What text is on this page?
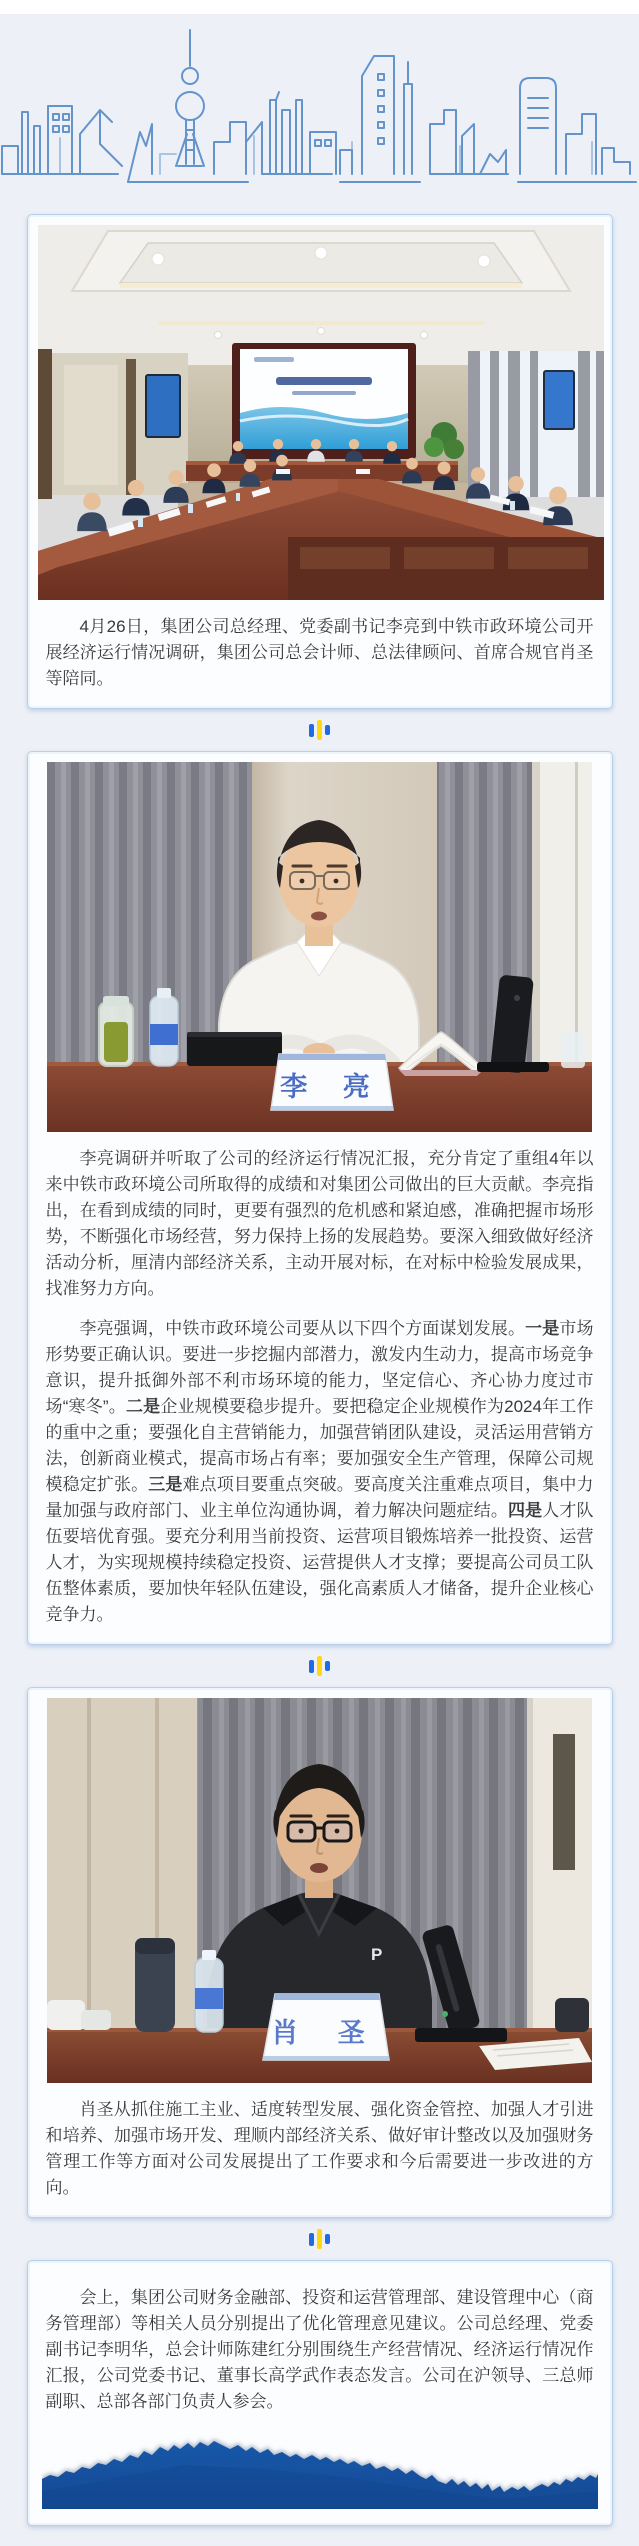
4月26日，集团公司总经理、党委副书记李亮到中铁市政环境公司开展经济运行情况调研，集团公司总会计师、总法律顾问、首席合规官肖圣等陪同。

李 亮

李亮调研并听取了公司的经济运行情况汇报，充分肯定了重组4年以来中铁市政环境公司所取得的成绩和对集团公司做出的巨大贡献。李亮指出，在看到成绩的同时，更要有强烈的危机感和紧迫感，准确把握市场形势，不断强化市场经营，努力保持上扬的发展趋势。要深入细致做好经济活动分析，厘清内部经济关系，主动开展对标，在对标中检验发展成果，找准努力方向。

李亮强调，中铁市政环境公司要从以下四个方面谋划发展。一是市场形势要正确认识。要进一步挖掘内部潜力，激发内生动力，提高市场竞争意识，提升抵御外部不利市场环境的能力，坚定信心、齐心协力度过市场“寒冬”。二是企业规模要稳步提升。要把稳定企业规模作为2024年工作的重中之重；要强化自主营销能力，加强营销团队建设，灵活运用营销方法，创新商业模式，提高市场占有率；要加强安全生产管理，保障公司规模稳定扩张。三是难点项目要重点突破。要高度关注重难点项目，集中力量加强与政府部门、业主单位沟通协调，着力解决问题症结。四是人才队伍要培优育强。要充分利用当前投资、运营项目锻炼培养一批投资、运营人才，为实现规模持续稳定投资、运营提供人才支撑；要提高公司员工队伍整体素质，要加快年轻队伍建设，强化高素质人才储备，提升企业核心竞争力。

P
肖 圣

肖圣从抓住施工主业、适度转型发展、强化资金管控、加强人才引进和培养、加强市场开发、理顺内部经济关系、做好审计整改以及加强财务管理工作等方面对公司发展提出了工作要求和今后需要进一步改进的方向。

会上，集团公司财务金融部、投资和运营管理部、建设管理中心（商务管理部）等相关人员分别提出了优化管理意见建议。公司总经理、党委副书记李明华，总会计师陈建红分别围绕生产经营情况、经济运行情况作汇报，公司党委书记、董事长高学武作表态发言。公司在沪领导、三总师副职、总部各部门负责人参会。
